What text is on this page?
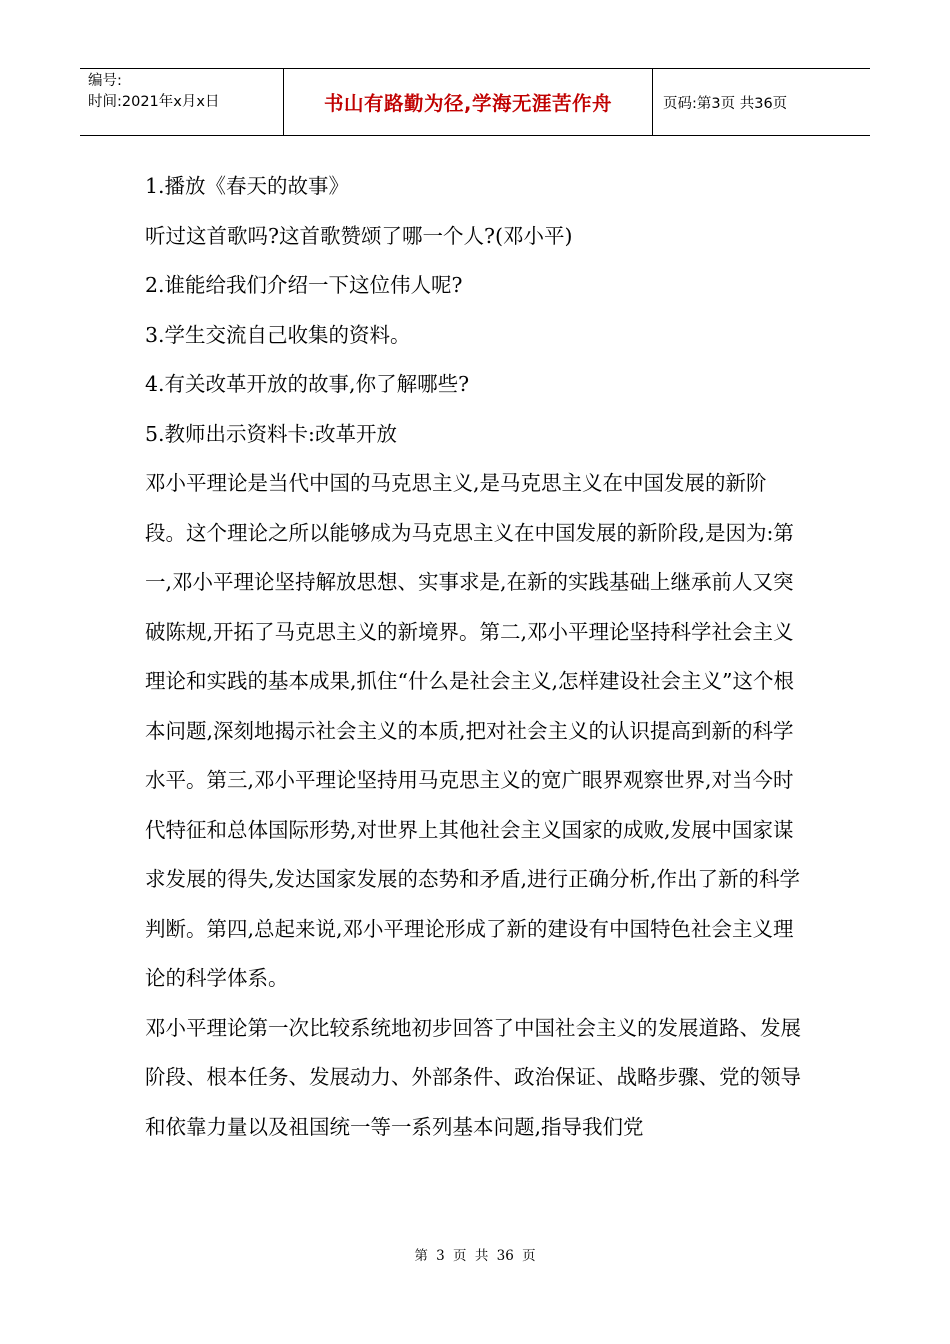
编号:
时间:2021年x月x日	书山有路勤为径,学海无涯苦作舟	页码:第3页 共36页

1.播放《春天的故事》

听过这首歌吗?这首歌赞颂了哪一个人?(邓小平)

2.谁能给我们介绍一下这位伟人呢?

3.学生交流自己收集的资料。

4.有关改革开放的故事,你了解哪些?

5.教师出示资料卡:改革开放

邓小平理论是当代中国的马克思主义,是马克思主义在中国发展的新阶段。这个理论之所以能够成为马克思主义在中国发展的新阶段,是因为:第一,邓小平理论坚持解放思想、实事求是,在新的实践基础上继承前人又突破陈规,开拓了马克思主义的新境界。第二,邓小平理论坚持科学社会主义理论和实践的基本成果,抓住“什么是社会主义,怎样建设社会主义”这个根本问题,深刻地揭示社会主义的本质,把对社会主义的认识提高到新的科学水平。第三,邓小平理论坚持用马克思主义的宽广眼界观察世界,对当今时代特征和总体国际形势,对世界上其他社会主义国家的成败,发展中国家谋求发展的得失,发达国家发展的态势和矛盾,进行正确分析,作出了新的科学判断。第四,总起来说,邓小平理论形成了新的建设有中国特色社会主义理论的科学体系。

邓小平理论第一次比较系统地初步回答了中国社会主义的发展道路、发展阶段、根本任务、发展动力、外部条件、政治保证、战略步骤、党的领导和依靠力量以及祖国统一等一系列基本问题,指导我们党

第 3 页 共 36 页
